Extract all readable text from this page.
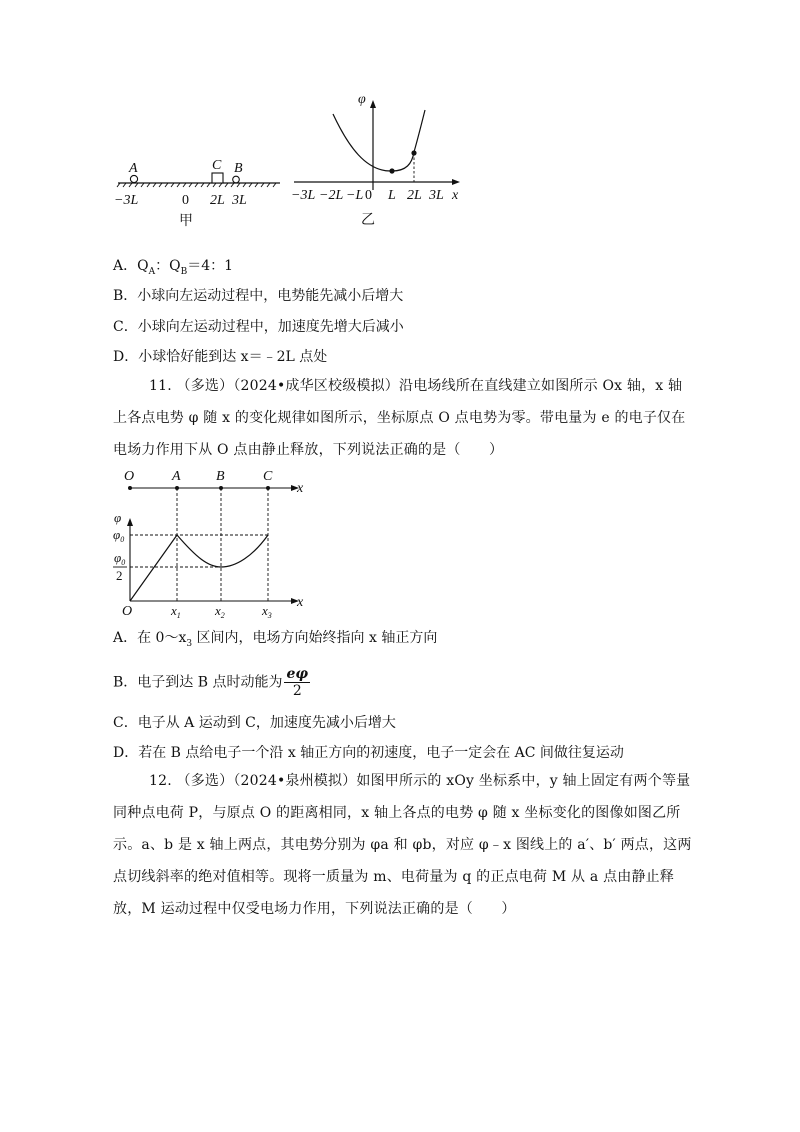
A	C B
−3L	0 2L 3L
甲
φ
x
−3L −2L −L 0 L 2L 3L
乙
A．$Q_A$：$Q_B=4$：1
B．小球向左运动过程中，电势能先减小后增大
C．小球向左运动过程中，加速度先增大后减小
D．小球恰好能到达 x＝﹣2L 点处
11. （多选）（2024•成华区校级模拟）沿电场线所在直线建立如图所示 Ox 轴，x 轴上各点电势 φ 随 x 的变化规律如图所示，坐标原点 O 点电势为零。带电量为 e 的电子仅在电场力作用下从 O 点由静止释放，下列说法正确的是（　　）
O	A	B	C
x
φ
$\varphi_0$
$\varphi_0$
2
O	$x_1$	$x_2$	$x_3$
x
A．在 $0\sim x_3$ 区间内，电场方向始终指向 x 轴正方向
B．电子到达 B 点时动能为 $\frac{e\varphi}{2}$
C．电子从 A 运动到 C，加速度先减小后增大
D．若在 B 点给电子一个沿 x 轴正方向的初速度，电子一定会在 AC 间做往复运动
12. （多选）（2024•泉州模拟）如图甲所示的 xOy 坐标系中，y 轴上固定有两个等量同种点电荷 P，与原点 O 的距离相同，x 轴上各点的电势 φ 随 x 坐标变化的图像如图乙所示。a、b 是 x 轴上两点，其电势分别为 φa 和 φb，对应 φ﹣x 图线上的 a′、b′ 两点，这两点切线斜率的绝对值相等。现将一质量为 m、电荷量为 q 的正点电荷 M 从 a 点由静止释放，M 运动过程中仅受电场力作用，下列说法正确的是（　　）
